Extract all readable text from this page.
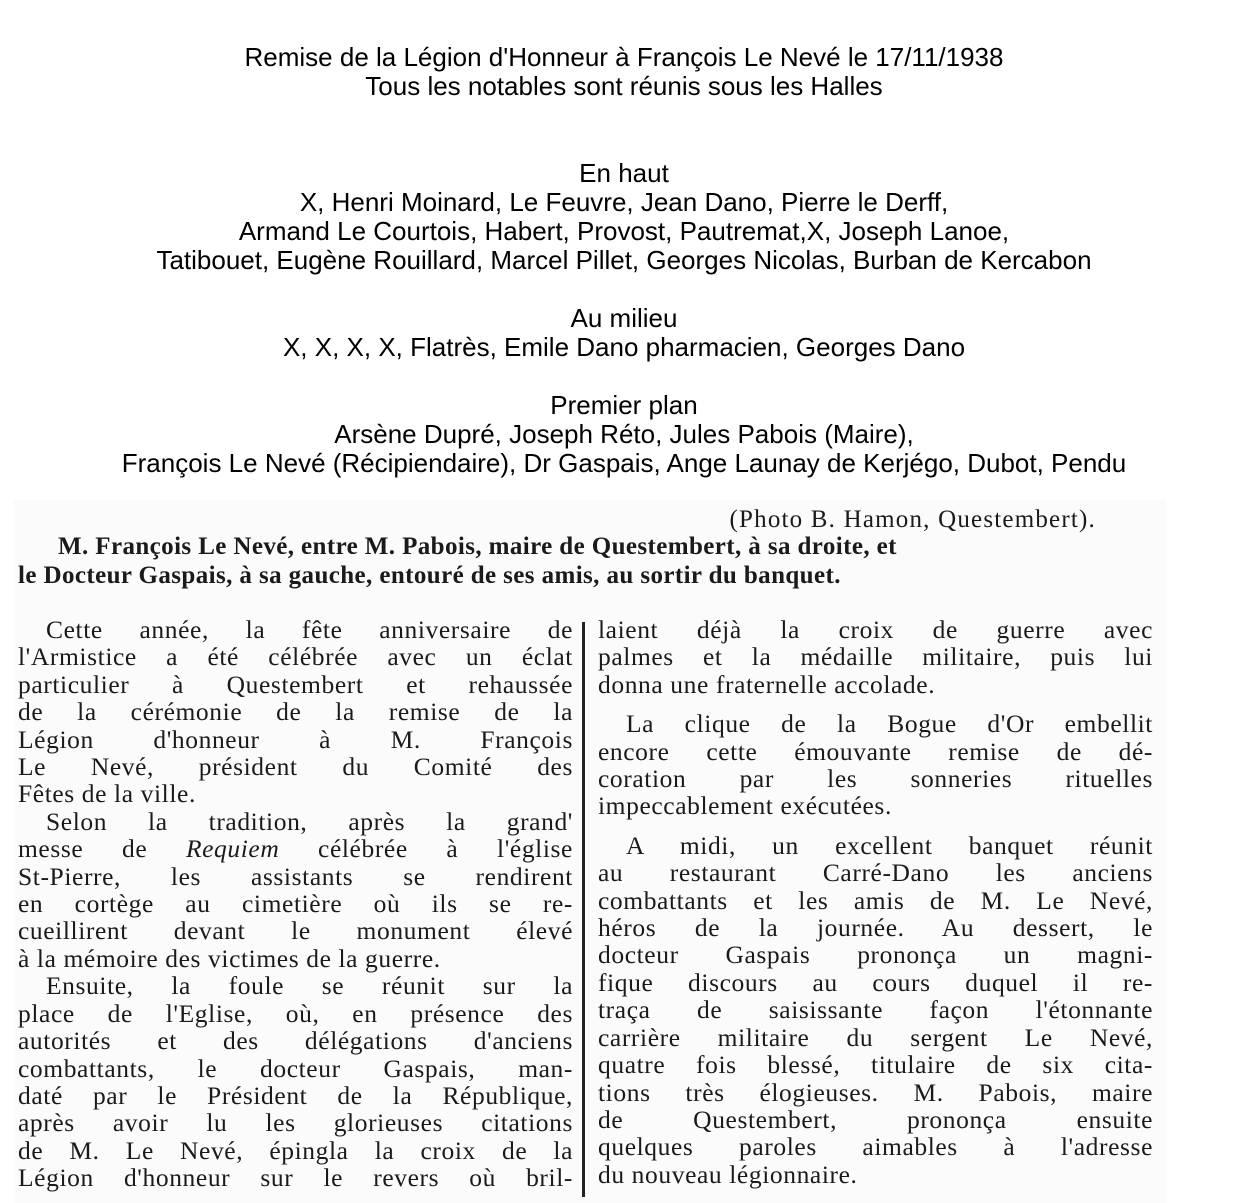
Remise de la Légion d'Honneur à François Le Nevé le 17/11/1938
Tous les notables sont réunis sous les Halles
En haut
X, Henri Moinard, Le Feuvre, Jean Dano, Pierre le Derff,
Armand Le Courtois, Habert, Provost, Pautremat,X, Joseph Lanoe,
Tatibouet, Eugène Rouillard, Marcel Pillet, Georges Nicolas, Burban de Kercabon
Au milieu
X, X, X, X, Flatrès, Emile Dano pharmacien, Georges Dano
Premier plan
Arsène Dupré, Joseph Réto, Jules Pabois (Maire),
François Le Nevé (Récipiendaire), Dr Gaspais, Ange Launay de Kerjégo, Dubot, Pendu
(Photo B. Hamon, Questembert).
M. François Le Nevé, entre M. Pabois, maire de Questembert, à sa droite, et
le Docteur Gaspais, à sa gauche, entouré de ses amis, au sortir du banquet.
Cette année, la fête anniversaire de
l'Armistice a été célébrée avec un éclat
particulier à Questembert et rehaussée
de la cérémonie de la remise de la
Légion d'honneur à M. François
Le Nevé, président du Comité des
Fêtes de la ville.
Selon la tradition, après la grand'
messe de Requiem célébrée à l'église
St-Pierre, les assistants se rendirent
en cortège au cimetière où ils se re-
cueillirent devant le monument élevé
à la mémoire des victimes de la guerre.
Ensuite, la foule se réunit sur la
place de l'Eglise, où, en présence des
autorités et des délégations d'anciens
combattants, le docteur Gaspais, man-
daté par le Président de la République,
après avoir lu les glorieuses citations
de M. Le Nevé, épingla la croix de la
Légion d'honneur sur le revers où bril-
laient déjà la croix de guerre avec
palmes et la médaille militaire, puis lui
donna une fraternelle accolade.
La clique de la Bogue d'Or embellit
encore cette émouvante remise de dé-
coration par les sonneries rituelles
impeccablement exécutées.
A midi, un excellent banquet réunit
au restaurant Carré-Dano les anciens
combattants et les amis de M. Le Nevé,
héros de la journée. Au dessert, le
docteur Gaspais prononça un magni-
fique discours au cours duquel il re-
traça de saisissante façon l'étonnante
carrière militaire du sergent Le Nevé,
quatre fois blessé, titulaire de six cita-
tions très élogieuses. M. Pabois, maire
de Questembert, prononça ensuite
quelques paroles aimables à l'adresse
du nouveau légionnaire.
